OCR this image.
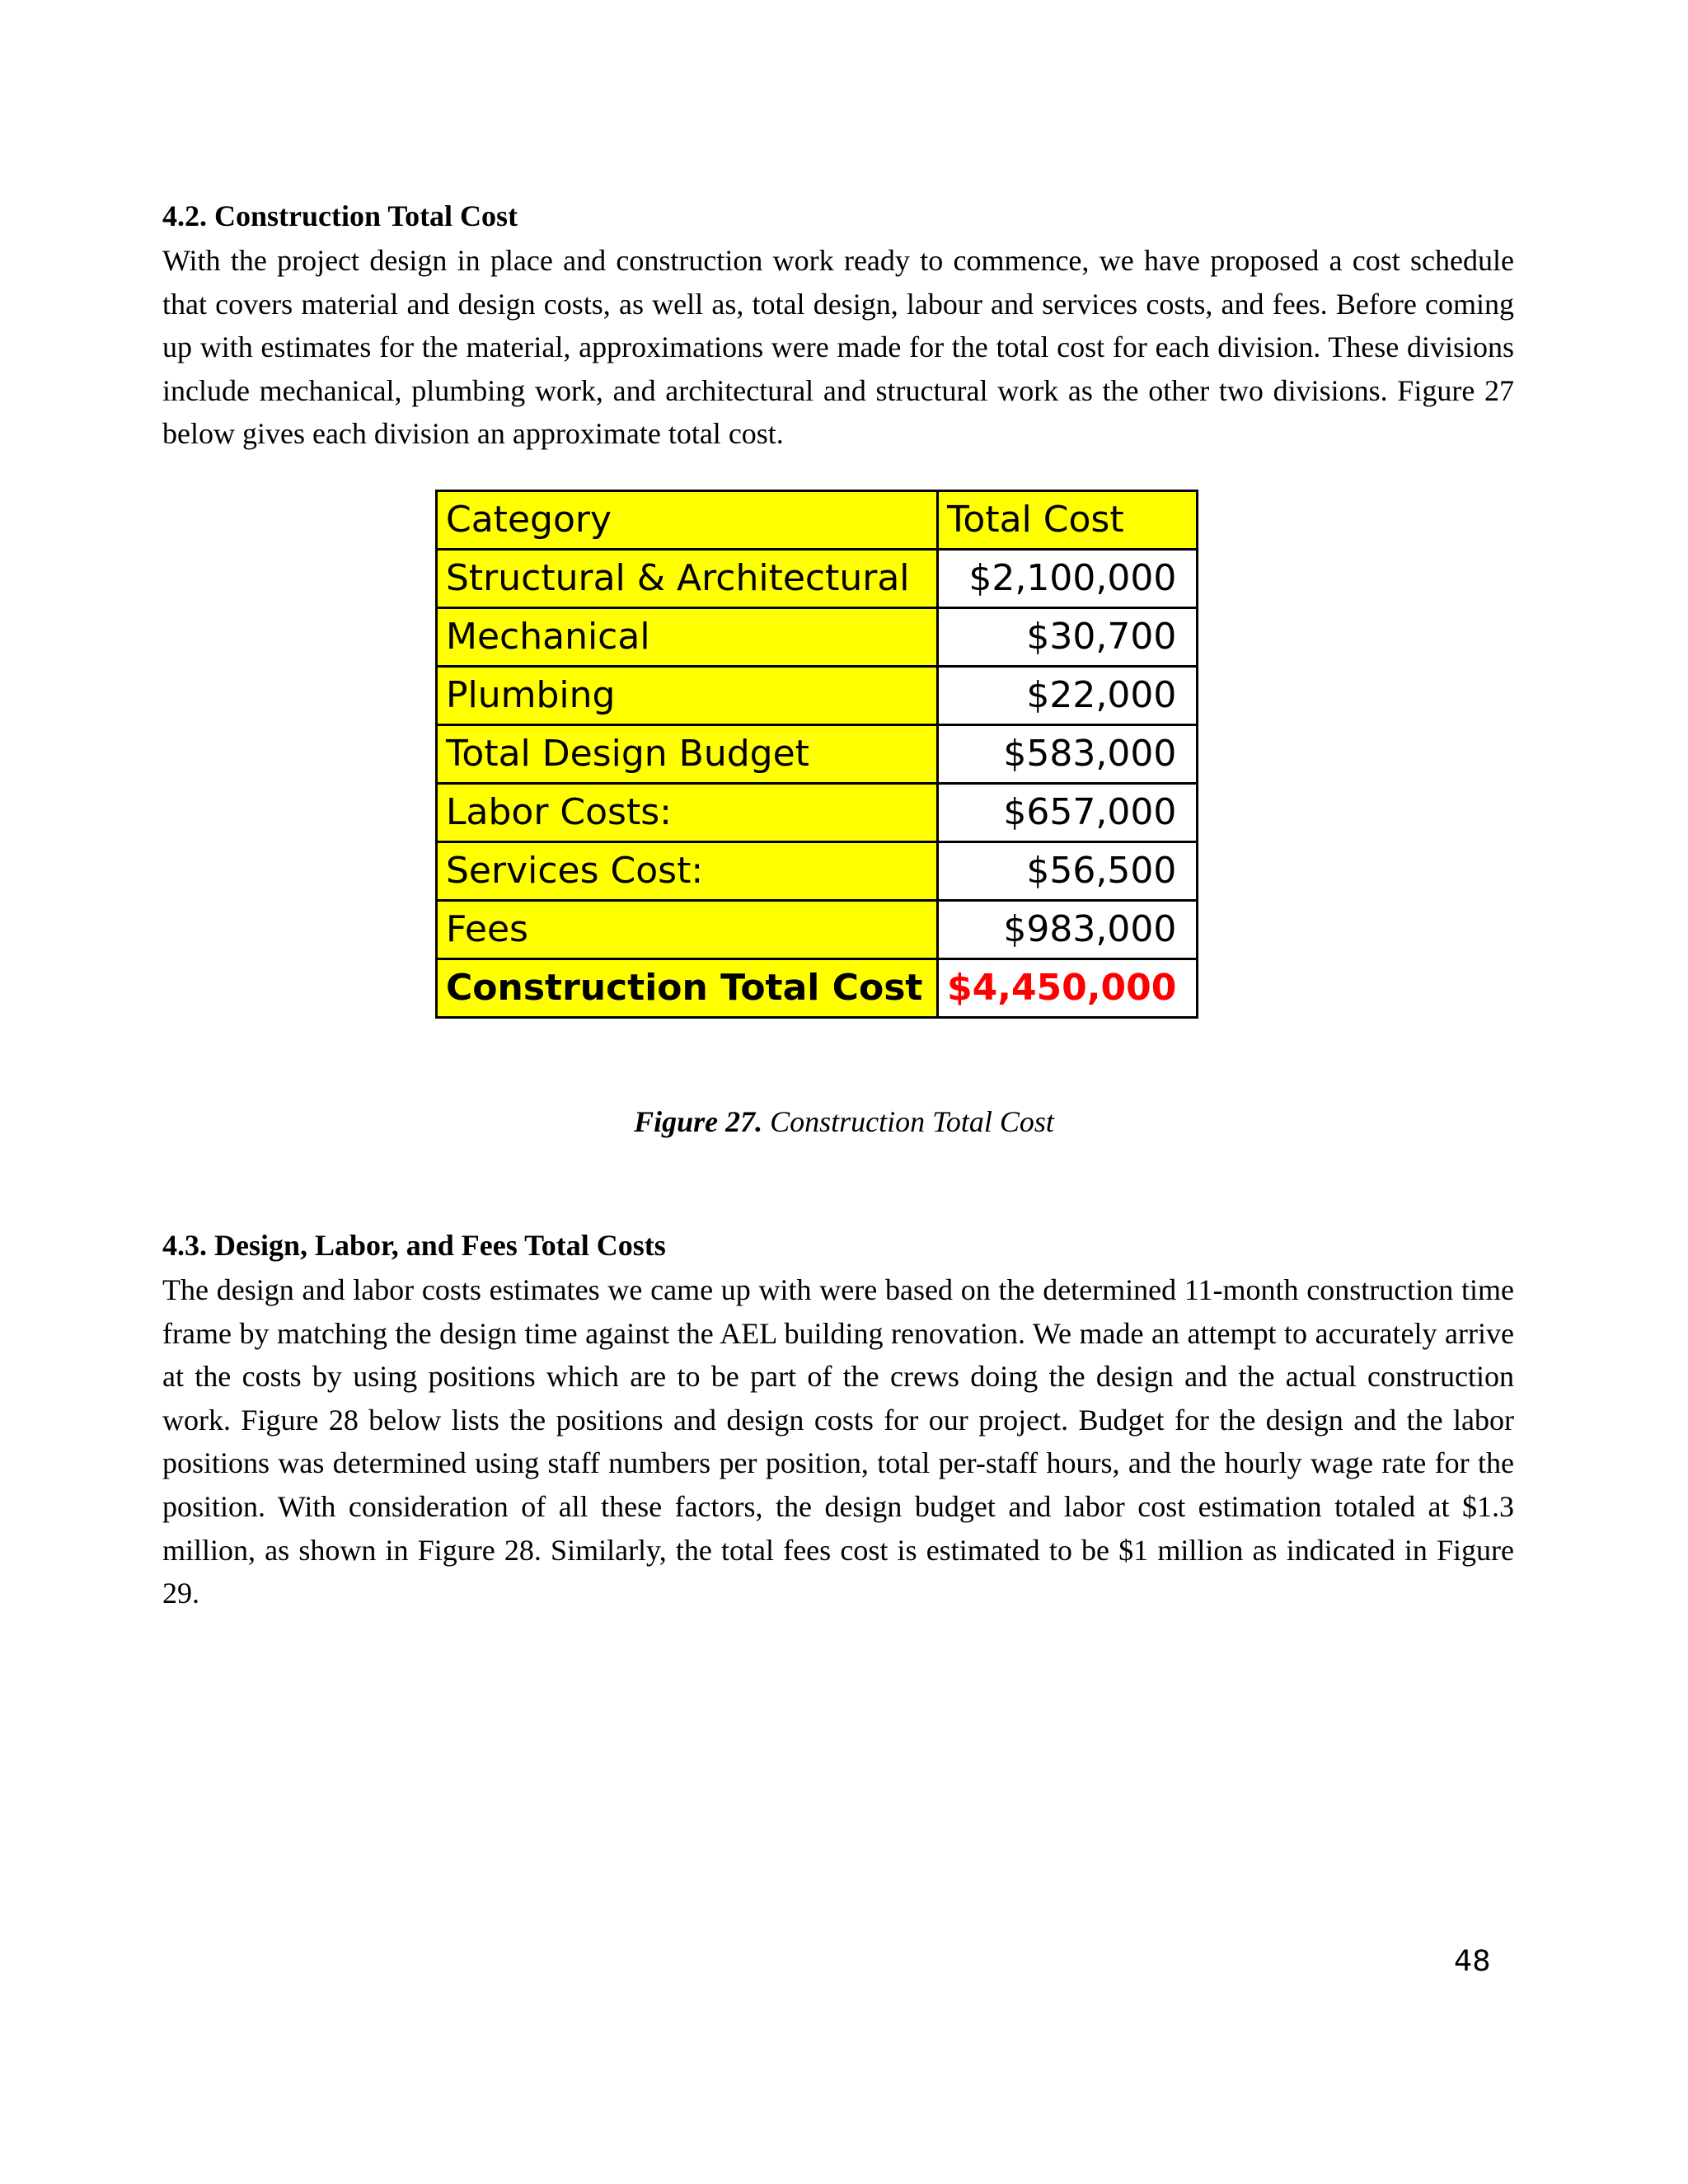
4.2. Construction Total Cost

With the project design in place and construction work ready to commence, we have proposed a cost schedule that covers material and design costs, as well as, total design, labour and services costs, and fees. Before coming up with estimates for the material, approximations were made for the total cost for each division. These divisions include mechanical, plumbing work, and architectural and structural work as the other two divisions. Figure 27 below gives each division an approximate total cost.

Category	Total Cost
Structural & Architectural	$2,100,000
Mechanical	$30,700
Plumbing	$22,000
Total Design Budget	$583,000
Labor Costs:	$657,000
Services Cost:	$56,500
Fees	$983,000
Construction Total Cost	$4,450,000

Figure 27. Construction Total Cost

4.3. Design, Labor, and Fees Total Costs

The design and labor costs estimates we came up with were based on the determined 11-month construction time frame by matching the design time against the AEL building renovation. We made an attempt to accurately arrive at the costs by using positions which are to be part of the crews doing the design and the actual construction work. Figure 28 below lists the positions and design costs for our project. Budget for the design and the labor positions was determined using staff numbers per position, total per-staff hours, and the hourly wage rate for the position. With consideration of all these factors, the design budget and labor cost estimation totaled at $1.3 million, as shown in Figure 28. Similarly, the total fees cost is estimated to be $1 million as indicated in Figure 29.

48
